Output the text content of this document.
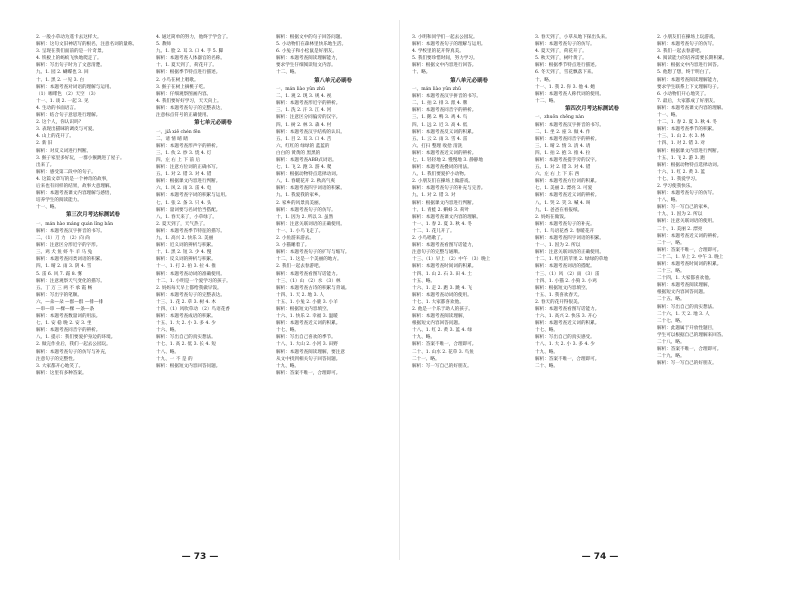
2. 一般小草动为遥卡去这样大。
解析：这句文旧神话写的根名，注意名词的量称。
3. 呈现在我们面前的是一片奇景。
4. 铁板上的蚂蚁飞快地爬走了。
解析：写出句子时为了文意清楚。
九、1. 园 2. 蝴蝶也 3. 回
十、1. 黑 2. 一见 3. 白
解析：本题考查对词语的理解与运用。
（1）咖啡色 （2）天空 （3）
十一、1. 谈 2. 一起 3. 见
4. 生动的书面语言。
解析：结合句子意思进行理解。
2. 这个人，你认识吗？
3. 表现出猫咪的调皮与可爱。
4. 山上的花开了。
2. 新 旧
解析：对反义词进行判断。
3. 猴子家里多好玩，一群小猴跳进了屋子。
出来了。
解析：感受第二段中的句子。
4. 这篇文章写的是一个神奇的故事，
后来也有同样的结果，故事大意理解。
解析：本题考查课文内容理解与感悟，
培养学生的阅读能力。
十一、略。
第三次月考达标测试卷
一、mán hào máng quán lǐng bān
解析：本题考查汉字拼音的书写。
二、（1）刀 力 （2）向 尚
解析：注意区分形近字的字形。
三、鸡 犬 鱼 虾 牛 羊 马 兔
解析：本题考查同类词语的积累。
四、1. 晴 2. 雨 3. 阴 4. 雪
5. 雷 6. 风 7. 霜 8. 雾
解析：注意观察天气变化的描写。
五、丁 万 三 两 不 承 霞 畅
解析：写出字的笔顺。
六、—朵—朵 —群—群 —排—排
—串—串 —棵—棵 —条—条
解析：本题考查数量词的用法。
七、1. 安 稳 晚 2. 安 3. 坐
解析：本题考查同音字的辨析。
八、1. 提示：我们要爱护身边的环境。
2. 做完作业后，我们一起去公园玩。
解析：本题考查句子的仿写与补充，
注意句子的完整性。
3. 大家都开心地笑了。
解析：这里有多种答案。
4. 通过简单的努力，他终于学会了。
5. 教师
九、1. 脸 2. 耳 3. 口 4. 手 5. 脚
解析：本题考查人体器官的名称。
十、1. 夏天到了，荷花开了。
解析：根据季节特点进行描述。
2. 小鸟在树上唱歌。
3. 猴子在树上摘桃子吃。
解析：仔细观察图画内容。
4. 我们要好好学习，天天向上。
解析：本题考查句子的完整表达，
注意标点符号的正确使用。
第七单元必刷卷
一、jiǎ xiē chén fēn
二、请 情 晴 睛
解析：本题考查形声字的辨析。
三、1. 伙 2. 炒 3. 烧 4. 灯
四、左 右 上 下 前 后
解析：注意方位词的正确书写。
五、1. 对 2. 错 3. 对 4. 错
解析：根据课文内容进行判断。
六、1. 风 2. 雨 3. 雷 4. 电
解析：本题考查字词的积累与运用。
七、1. 张 2. 条 3. 只 4. 头
解析：量词要与名词恰当搭配。
八、1. 春天来了，小草绿了。
2. 夏天到了，天气热了。
解析：本题考查季节特征的描写。
九、1. 高兴 2. 快乐 3. 美丽
解析：近义词的辨析与积累。
十、1. 黑 2. 短 3. 少 4. 慢
解析：反义词的辨析与积累。
十一、1. 打 2. 拍 3. 拉 4. 推
解析：本题考查动词的准确使用。
十二、1. 小明是一个爱学习的孩子。
2. 妈妈每天早上都给我做早饭。
解析：本题考查句子的完整表达。
十三、1. 花 2. 草 3. 树 4. 木
十四、（1）风吹草动 （2）鸟语花香
解析：本题考查成语的积累。
十五、1. 大 2. 小 3. 多 4. 少
十六、略。
解析：写出自己的真实想法。
十七、1. 高 2. 低 3. 长 4. 短
十八、略。
十九、一 不 是 的
解析：根据短文内容回答问题。
解析：根据文中的句子回答问题。
5. 小动物们在森林里快乐地生活。
6. 小兔子和小松鼠是好朋友。
解析：本题考查阅读理解能力，
要求学生仔细阅读短文内容。
十二、略。
第八单元必刷卷
一、mán liào yǔn zhū
二、1. 观 2. 现 3. 规 4. 视
解析：本题考查形近字的辨析。
三、1. 洗 2. 汗 3. 江 4. 河
解析：注意区分同偏旁的汉字。
四、1. 树 2. 林 3. 森 4. 村
解析：本题考查汉字结构的认识。
五、1. 目 2. 耳 3. 口 4. 舌
六、红红的 绿绿的 蓝蓝的
白白的 黄黄的 黑黑的
解析：本题考查ABB式词语。
七、1. 飞 2. 跑 3. 游 4. 爬
解析：根据动物特点选择动词。
八、1. 春暖花开 2. 秋高气爽
解析：本题考查四字词语的积累。
九、1. 我爱我的家乡。
2. 家乡的风景真美丽。
解析：本题考查句子的仿写。
十、1. 因为 2. 所以 3. 虽然
解析：注意关联词语的正确使用。
十一、1. 小鸟飞走了。
2. 小鱼游来游去。
3. 小猫睡着了。
解析：本题考查句子的扩写与缩写。
十二、1. 这是一个美丽的地方。
2. 我们一起去春游吧。
解析：本题考查看图写话能力。
十三、（1）山 （2）水 （3）林
解析：本题考查古诗的积累与背诵。
十四、1. 天 2. 地 3. 人
十五、1. 小兔 2. 小鹿 3. 小羊
解析：根据短文内容填空。
十六、1. 快乐 2. 幸福 3. 温暖
解析：本题考查近义词的积累。
十七、略。
解析：写出自己喜欢的季节。
十八、1. 大山 2. 小河 3. 田野
解析：本题考查阅读理解，要注意
从文中找到相关句子回答问题。
十九、略。
解析：答案不唯一，合理即可。
— 73 —
3. 小明和同学们一起去公园玩。
解析：本题考查句子的理解与运用。
4. 学校里的花开得真美。
5. 我们要珍惜时间，努力学习。
解析：根据文中内容进行回答。
十、略。
第八单元必刷卷
一、mán liào yǔn zhū
解析：本题考查汉字拼音的书写。
二、1. 拍 2. 排 3. 派 4. 牌
解析：本题考查同音字的辨析。
三、1. 鹅 2. 鸭 3. 鸡 4. 鸟
四、1. 远 2. 近 3. 高 4. 低
解析：本题考查反义词的积累。
五、1. 云 2. 雨 3. 雪 4. 雷
六、打扫 整理 收拾 清洗
解析：本题考查近义词的辨析。
七、1. 轻轻地 2. 慢慢地 3. 静静地
解析：本题考查叠词的用法。
八、1. 我们要爱护小动物。
2. 小朋友们在操场上做游戏。
解析：本题考查句子的补充与完善。
九、1. 对 2. 错 3. 对
解析：根据课文内容进行判断。
十、1. 青蛙 2. 蝌蚪 3. 荷叶
解析：本题考查课文内容的理解。
十一、1. 春 2. 夏 3. 秋 4. 冬
十二、1. 花儿开了。
2. 小鸟唱歌了。
解析：本题考查看图写话能力，
注意句子的完整与通顺。
十三、（1）早上 （2）中午 （3）晚上
解析：本题考查时间词的积累。
十四、1. 山 2. 石 3. 田 4. 土
十五、略。
十六、1. 走 2. 跑 3. 跳 4. 飞
解析：本题考查动词的使用。
十七、1. 大家都喜欢他。
2. 他是一个乐于助人的孩子。
解析：本题考查阅读理解，
根据短文内容回答问题。
十八、1. 红 2. 黄 3. 蓝 4. 绿
十九、略。
解析：答案不唯一，合理即可。
二十、1. 山水 2. 花草 3. 鸟鱼
二十一、略。
解析：写一写自己的好朋友。
3. 春天到了，小草从地下探出头来。
解析：本题考查句子的仿写。
4. 夏天到了，荷花开了。
5. 秋天到了，树叶黄了。
解析：根据季节特点进行描述。
6. 冬天到了，雪花飘落下来。
十、略。
十一、1. 我 2. 你 3. 他 4. 她
解析：本题考查人称代词的使用。
十二、略。
第四次月考达标测试卷
一、zhuōn chēng nàn
解析：本题考查汉字拼音的书写。
二、1. 坐 2. 座 3. 做 4. 作
解析：本题考查同音字的辨析。
三、1. 晴 2. 情 3. 清 4. 请
四、1. 拍 2. 抱 3. 推 4. 拉
解析：本题考查提手旁的汉字。
五、1. 对 2. 错 3. 对 4. 错
六、左 右 上 下 东 西
解析：本题考查方位词的积累。
七、1. 美丽 2. 漂亮 3. 可爱
解析：本题考查近义词的辨析。
八、1. 哭 2. 笑 3. 喊 4. 叫
九、1. 爸爸在看报纸。
2. 妈妈在做饭。
解析：本题考查句子的补充。
十、1. 鸟语花香 2. 春暖花开
解析：本题考查四字词语的积累。
十一、1. 因为 2. 所以
解析：注意关联词语的正确使用。
十二、1. 红红的苹果 2. 绿绿的草地
解析：本题考查词语的搭配。
十三、（1）风 （2）雨 （3）雷
十四、1. 小猫 2. 小狗 3. 小鸡
解析：根据短文内容填空。
十五、1. 我喜欢春天。
2. 春天的花开得很美。
解析：本题考查看图写话能力。
十六、1. 高兴 2. 快乐 3. 开心
解析：本题考查近义词的积累。
十七、略。
解析：写出自己的真实感受。
十八、1. 大 2. 小 3. 多 4. 少
十九、略。
解析：答案不唯一，合理即可。
二十、略。
2. 小朋友们在操场上玩游戏。
解析：本题考查句子的仿写。
3. 我们一起去春游吧。
4. 阅读能力的培养需要长期积累。
解析：根据文中内容进行回答。
5. 他想了想，终于明白了。
解析：本题考查阅读理解能力，
要求学生联系上下文理解句子。
6. 小动物们开心地笑了。
7. 最后，大家都成了好朋友。
解析：本题考查课文内容的理解。
十一、略。
十二、1. 春 2. 夏 3. 秋 4. 冬
解析：本题考查季节的积累。
十三、1. 山 2. 水 3. 林
十四、1. 对 2. 错 3. 对
解析：根据课文内容进行判断。
十五、1. 飞 2. 游 3. 跑
解析：根据动物特点选择动词。
十六、1. 红 2. 黄 3. 蓝
十七、1. 我爱学习。
2. 学习使我快乐。
解析：本题考查句子的仿写。
十八、略。
解析：写一写自己的家乡。
十九、1. 因为 2. 所以
解析：注意关联词语的使用。
二十、1. 美丽 2. 漂亮
解析：本题考查近义词的辨析。
二十一、略。
解析：答案不唯一，合理即可。
二十二、1. 早上 2. 中午 3. 晚上
解析：本题考查时间词的积累。
二十三、略。
二十四、1. 大家都喜欢他。
解析：本题考查阅读理解，
根据短文内容回答问题。
二十五、略。
解析：写出自己的真实想法。
二十六、1. 天 2. 地 3. 人
二十七、略。
解析：此题属于开放性题目，
学生可以根据自己的理解来回答。
二十八、略。
解析：答案不唯一，合理即可。
二十九、略。
解析：写一写自己的好朋友。
— 74 —
